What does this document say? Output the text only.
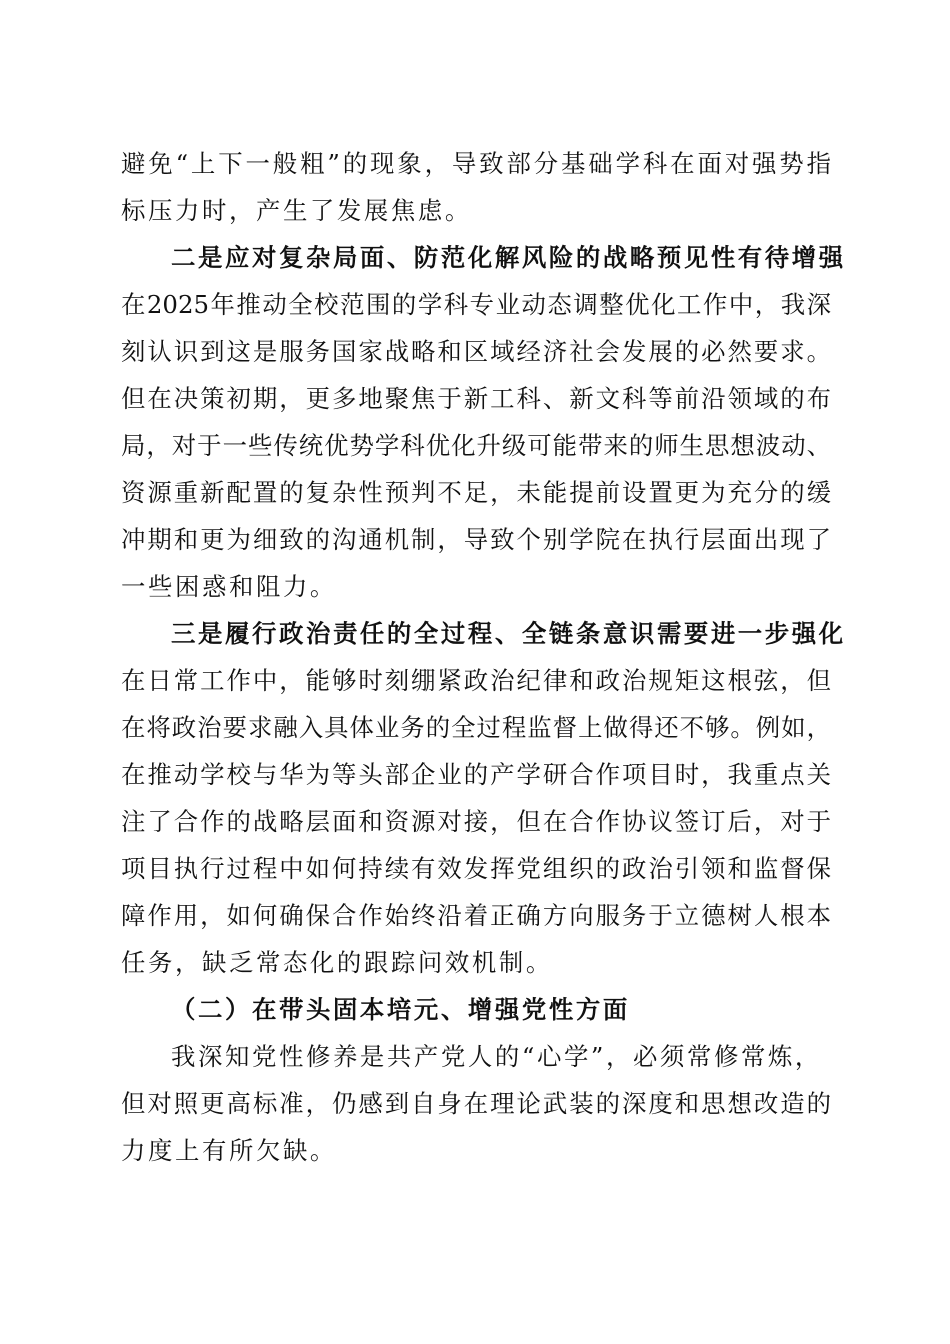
避免“上下一般粗”的现象，导致部分基础学科在面对强势指
标压力时，产生了发展焦虑。
二是应对复杂局面、防范化解风险的战略预见性有待增强
在2025年推动全校范围的学科专业动态调整优化工作中，我深
刻认识到这是服务国家战略和区域经济社会发展的必然要求。
但在决策初期，更多地聚焦于新工科、新文科等前沿领域的布
局，对于一些传统优势学科优化升级可能带来的师生思想波动、
资源重新配置的复杂性预判不足，未能提前设置更为充分的缓
冲期和更为细致的沟通机制，导致个别学院在执行层面出现了
一些困惑和阻力。
三是履行政治责任的全过程、全链条意识需要进一步强化
在日常工作中，能够时刻绷紧政治纪律和政治规矩这根弦，但
在将政治要求融入具体业务的全过程监督上做得还不够。例如，
在推动学校与华为等头部企业的产学研合作项目时，我重点关
注了合作的战略层面和资源对接，但在合作协议签订后，对于
项目执行过程中如何持续有效发挥党组织的政治引领和监督保
障作用，如何确保合作始终沿着正确方向服务于立德树人根本
任务，缺乏常态化的跟踪问效机制。
（二）在带头固本培元、增强党性方面
我深知党性修养是共产党人的“心学”，必须常修常炼，
但对照更高标准，仍感到自身在理论武装的深度和思想改造的
力度上有所欠缺。
